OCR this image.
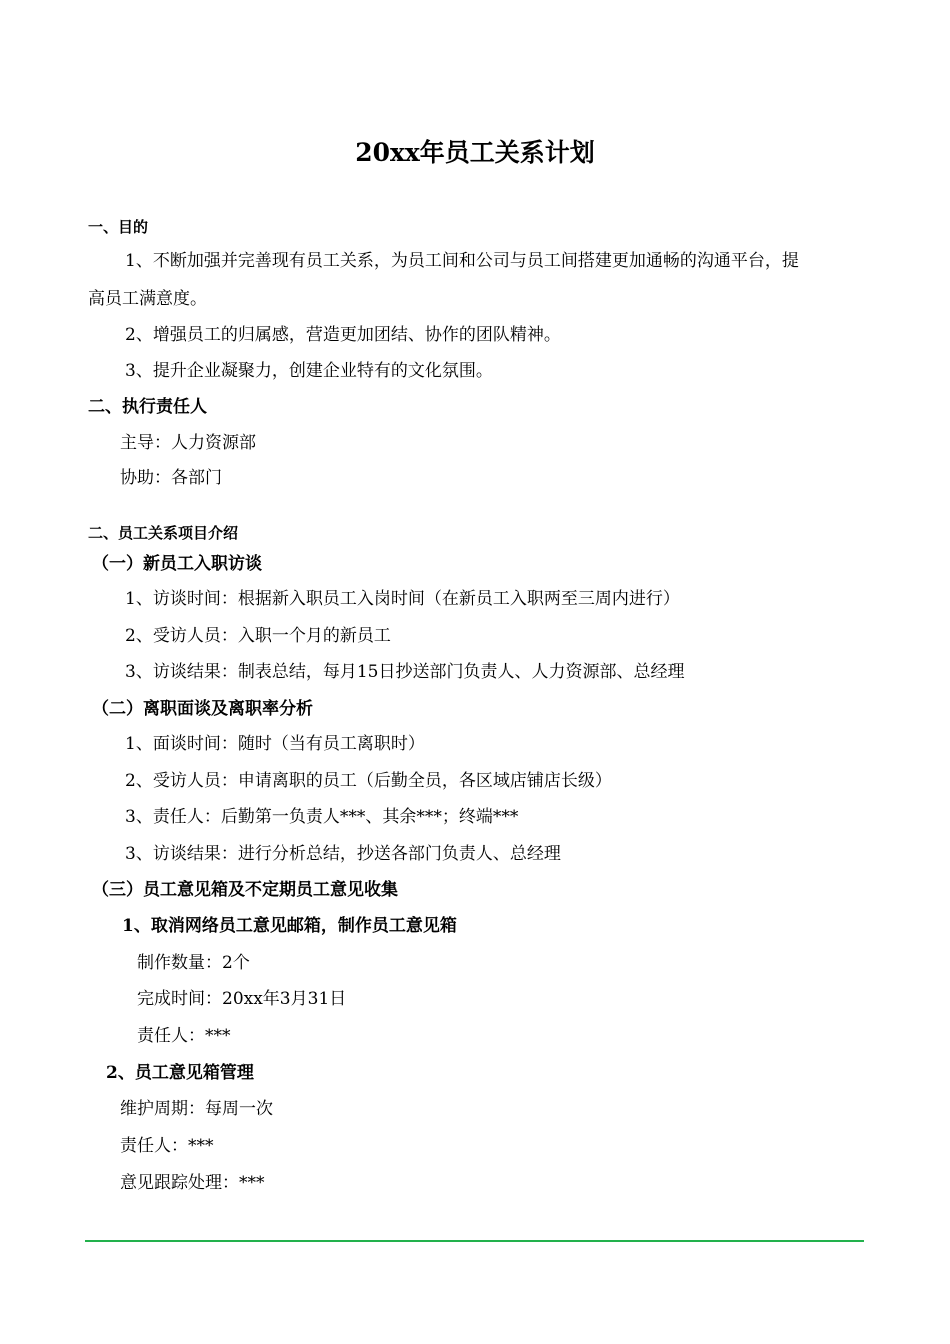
20xx年员工关系计划
一、目的
1、不断加强并完善现有员工关系，为员工间和公司与员工间搭建更加通畅的沟通平台，提
高员工满意度。
2、增强员工的归属感，营造更加团结、协作的团队精神。
3、提升企业凝聚力，创建企业特有的文化氛围。
二、执行责任人
主导：人力资源部
协助：各部门
二、员工关系项目介绍
（一）新员工入职访谈
1、访谈时间：根据新入职员工入岗时间（在新员工入职两至三周内进行）
2、受访人员：入职一个月的新员工
3、访谈结果：制表总结，每月15日抄送部门负责人、人力资源部、总经理
（二）离职面谈及离职率分析
1、面谈时间：随时（当有员工离职时）
2、受访人员：申请离职的员工（后勤全员，各区域店铺店长级）
3、责任人：后勤第一负责人***、其余***；终端***
3、访谈结果：进行分析总结，抄送各部门负责人、总经理
（三）员工意见箱及不定期员工意见收集
1、取消网络员工意见邮箱，制作员工意见箱
制作数量：2个
完成时间：20xx年3月31日
责任人：***
2、员工意见箱管理
维护周期：每周一次
责任人：***
意见跟踪处理：***
